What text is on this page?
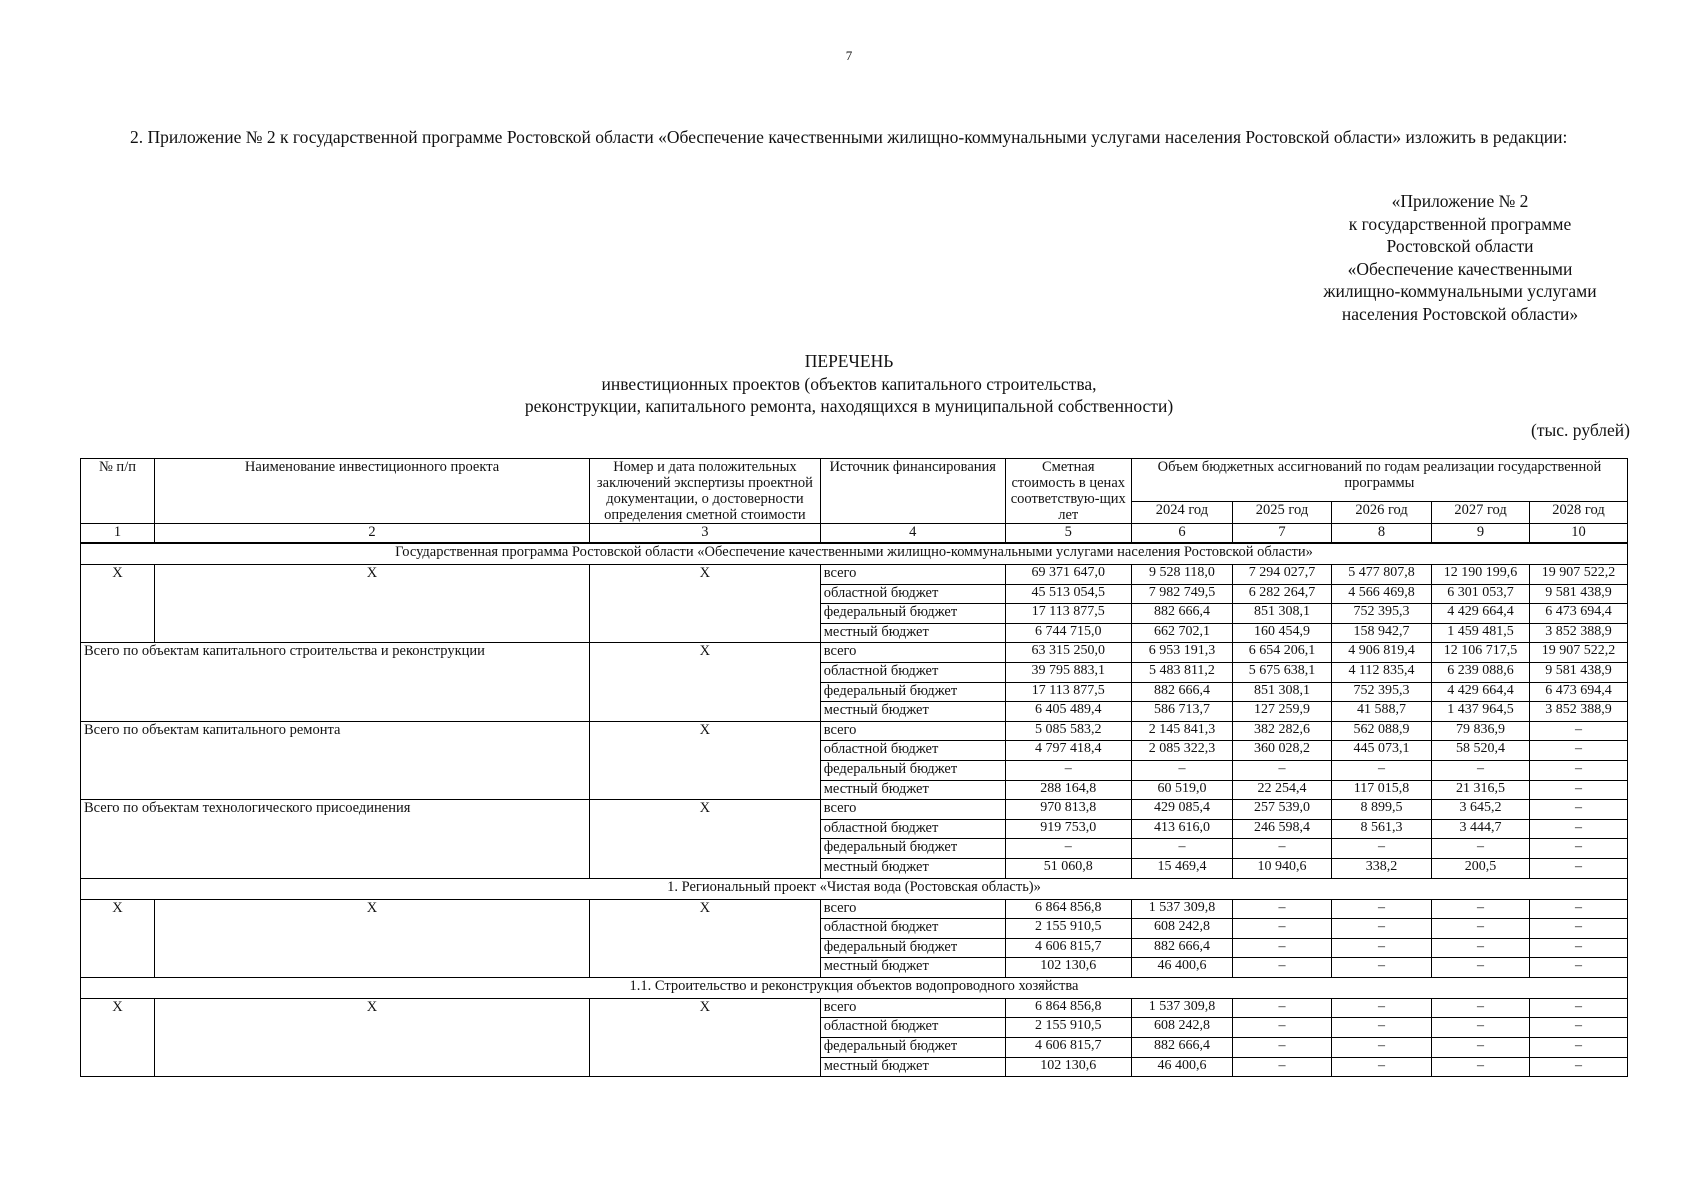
7
2. Приложение № 2 к государственной программе Ростовской области «Обеспечение качественными жилищно-коммунальными услугами населения Ростовской области» изложить в редакции:
«Приложение № 2
к государственной программе
Ростовской области
«Обеспечение качественными
жилищно-коммунальными услугами
населения Ростовской области»
ПЕРЕЧЕНЬ
инвестиционных проектов (объектов капитального строительства,
реконструкции, капитального ремонта, находящихся в муниципальной собственности)
(тыс. рублей)
№ п/п	Наименование инвестиционного проекта	Номер и дата положительных заключений экспертизы проектной документации, о достоверности определения сметной стоимости	Источник финансирования	Сметная стоимость в ценах соответствую-щих лет	Объем бюджетных ассигнований по годам реализации государственной программы				
					2024 год	2025 год	2026 год	2027 год	2028 год
1	2	3	4	5	6	7	8	9	10
Государственная программа Ростовской области «Обеспечение качественными жилищно-коммунальными услугами населения Ростовской области»									
X	X	X	всего	69 371 647,0	9 528 118,0	7 294 027,7	5 477 807,8	12 190 199,6	19 907 522,2
			областной бюджет	45 513 054,5	7 982 749,5	6 282 264,7	4 566 469,8	6 301 053,7	9 581 438,9
			федеральный бюджет	17 113 877,5	882 666,4	851 308,1	752 395,3	4 429 664,4	6 473 694,4
			местный бюджет	6 744 715,0	662 702,1	160 454,9	158 942,7	1 459 481,5	3 852 388,9
Всего по объектам капитального строительства и реконструкции		X	всего	63 315 250,0	6 953 191,3	6 654 206,1	4 906 819,4	12 106 717,5	19 907 522,2
			областной бюджет	39 795 883,1	5 483 811,2	5 675 638,1	4 112 835,4	6 239 088,6	9 581 438,9
			федеральный бюджет	17 113 877,5	882 666,4	851 308,1	752 395,3	4 429 664,4	6 473 694,4
			местный бюджет	6 405 489,4	586 713,7	127 259,9	41 588,7	1 437 964,5	3 852 388,9
Всего по объектам капитального ремонта		X	всего	5 085 583,2	2 145 841,3	382 282,6	562 088,9	79 836,9	–
			областной бюджет	4 797 418,4	2 085 322,3	360 028,2	445 073,1	58 520,4	–
			федеральный бюджет	–	–	–	–	–	–
			местный бюджет	288 164,8	60 519,0	22 254,4	117 015,8	21 316,5	–
Всего по объектам технологического присоединения		X	всего	970 813,8	429 085,4	257 539,0	8 899,5	3 645,2	–
			областной бюджет	919 753,0	413 616,0	246 598,4	8 561,3	3 444,7	–
			федеральный бюджет	–	–	–	–	–	–
			местный бюджет	51 060,8	15 469,4	10 940,6	338,2	200,5	–
1. Региональный проект «Чистая вода (Ростовская область)»									
X	X	X	всего	6 864 856,8	1 537 309,8	–	–	–	–
			областной бюджет	2 155 910,5	608 242,8	–	–	–	–
			федеральный бюджет	4 606 815,7	882 666,4	–	–	–	–
			местный бюджет	102 130,6	46 400,6	–	–	–	–
1.1. Строительство и реконструкция объектов водопроводного хозяйства									
X	X	X	всего	6 864 856,8	1 537 309,8	–	–	–	–
			областной бюджет	2 155 910,5	608 242,8	–	–	–	–
			федеральный бюджет	4 606 815,7	882 666,4	–	–	–	–
			местный бюджет	102 130,6	46 400,6	–	–	–	–
